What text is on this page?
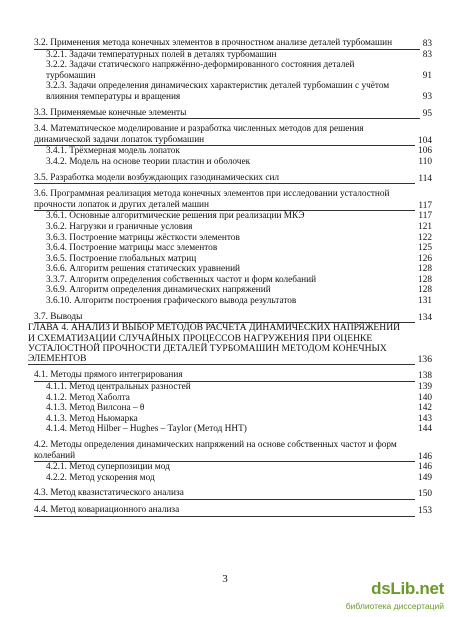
3.2. Применения метода конечных элементов в прочностном анализе деталей турбомашин	83
3.2.1. Задачи температурных полей в деталях турбомашин	83
3.2.2. Задачи статического напряжённо-деформированного состояния деталей турбомашин	91
3.2.3. Задачи определения динамических характеристик деталей турбомашин с учётом влияния температуры и вращения	93
3.3. Применяемые конечные элементы	95
3.4. Математическое моделирование и разработка численных методов для решения динамической задачи лопаток турбомашин	104
3.4.1. Трёхмерная модель лопаток	106
3.4.2. Модель на основе теории пластин и оболочек	110
3.5. Разработка модели возбуждающих газодинамических сил	114
3.6. Программная реализация метода конечных элементов при исследовании усталостной прочности лопаток и других деталей машин	117
3.6.1. Основные алгоритмические решения при реализации МКЭ	117
3.6.2. Нагрузки и граничные условия	121
3.6.3. Построение матрицы жёсткости элементов	122
3.6.4. Построение матрицы масс элементов	125
3.6.5. Построение глобальных матриц	126
3.6.6. Алгоритм решения статических уравнений	128
3.3.7. Алгоритм определения собственных частот и форм колебаний	128
3.6.9. Алгоритм определения динамических напряжений	128
3.6.10. Алгоритм построения графического вывода результатов	131
3.7. Выводы	134
ГЛАВА 4. АНАЛИЗ И ВЫБОР МЕТОДОВ РАСЧЁТА ДИНАМИЧЕСКИХ НАПРЯЖЕНИЙ И СХЕМАТИЗАЦИИ СЛУЧАЙНЫХ ПРОЦЕССОВ НАГРУЖЕНИЯ ПРИ ОЦЕНКЕ УСТАЛОСТНОЙ ПРОЧНОСТИ ДЕТАЛЕЙ ТУРБОМАШИН МЕТОДОМ КОНЕЧНЫХ ЭЛЕМЕНТОВ	136
4.1. Методы прямого интегрирования	138
4.1.1. Метод центральных разностей	139
4.1.2. Метод Хаболта	140
4.1.3. Метод Вилсона – θ	142
4.1.3. Метод Ньюмарка	143
4.1.4. Метод Hilber – Hughes – Taylor (Метод ННТ)	144
4.2. Методы определения динамических напряжений на основе собственных частот и форм колебаний	146
4.2.1. Метод суперпозиции мод	146
4.2.2. Метод ускорения мод	149
4.3. Метод квазистатического анализа	150
4.4. Метод ковариационного анализа	153
3	dsLib.net
библиотека диссертаций
